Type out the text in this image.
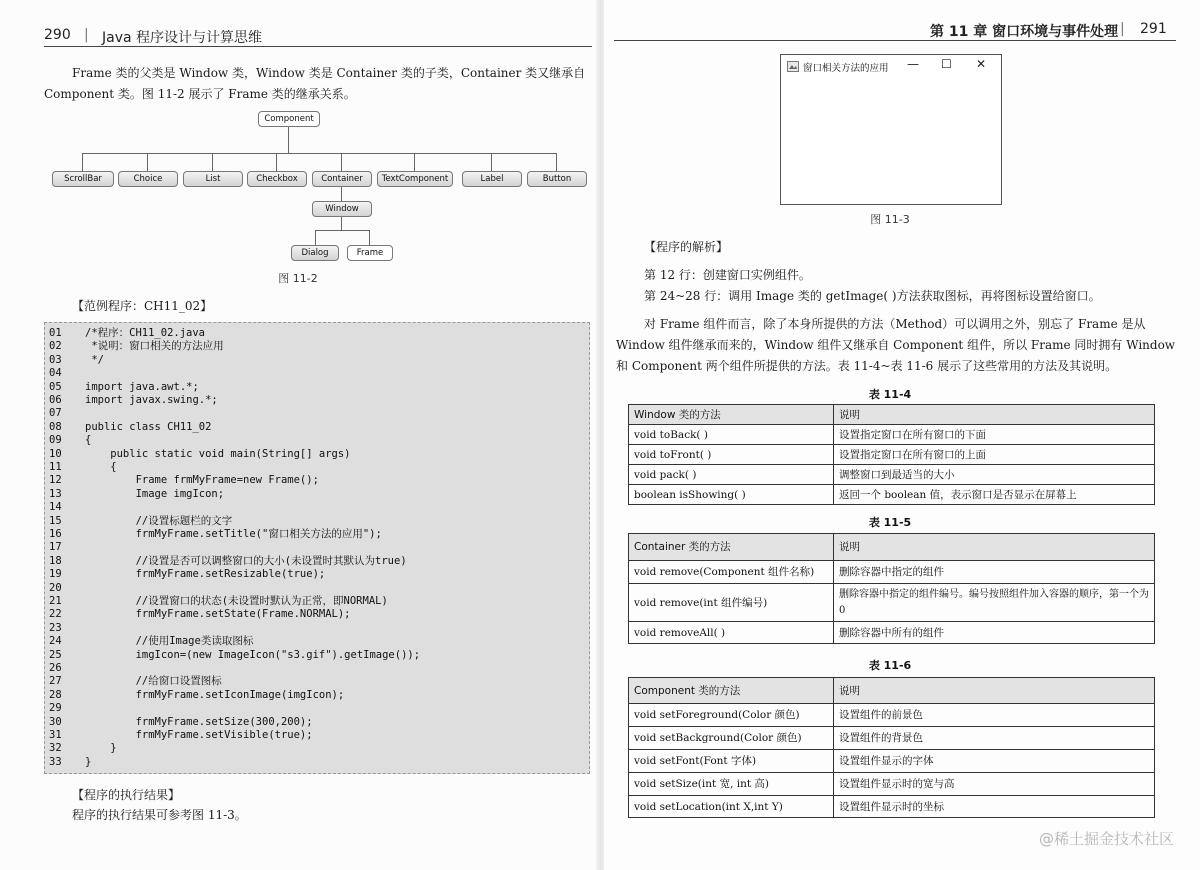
290 | Java 程序设计与计算思维
Frame 类的父类是 Window 类，Window 类是 Container 类的子类，Container 类又继承自
Component 类。图 11-2 展示了 Frame 类的继承关系。
Component
ScrollBar	Choice	List	Checkbox	Container	TextComponent	Label	Button
Window
Dialog	Frame
图 11-2
【范例程序：CH11_02】
01	/*程序：CH11_02.java
02	*说明：窗口相关的方法应用
03	*/
04
05	import java.awt.*;
06	import javax.swing.*;
07
08	public class CH11_02
09	{
10	public static void main(String[] args)
11	{
12	Frame frmMyFrame=new Frame();
13	Image imgIcon;
14
15	//设置标题栏的文字
16	frmMyFrame.setTitle("窗口相关方法的应用");
17
18	//设置是否可以调整窗口的大小(未设置时其默认为true)
19	frmMyFrame.setResizable(true);
20
21	//设置窗口的状态(未设置时默认为正常，即NORMAL)
22	frmMyFrame.setState(Frame.NORMAL);
23
24	//使用Image类读取图标
25	imgIcon=(new ImageIcon("s3.gif").getImage());
26
27	//给窗口设置图标
28	frmMyFrame.setIconImage(imgIcon);
29
30	frmMyFrame.setSize(300,200);
31	frmMyFrame.setVisible(true);
32	}
33	}
【程序的执行结果】
程序的执行结果可参考图 11-3。
第 11 章 窗口环境与事件处理 | 291
窗口相关方法的应用 — ☐ ✕
图 11-3
【程序的解析】
第 12 行：创建窗口实例组件。
第 24~28 行：调用 Image 类的 getImage( )方法获取图标，再将图标设置给窗口。
对 Frame 组件而言，除了本身所提供的方法（Method）可以调用之外，别忘了 Frame 是从
Window 组件继承而来的，Window 组件又继承自 Component 组件，所以 Frame 同时拥有 Window
和 Component 两个组件所提供的方法。表 11-4~表 11-6 展示了这些常用的方法及其说明。
表 11-4
Window 类的方法	说明
void toBack( )	设置指定窗口在所有窗口的下面
void toFront( )	设置指定窗口在所有窗口的上面
void pack( )	调整窗口到最适当的大小
boolean isShowing( )	返回一个 boolean 值，表示窗口是否显示在屏幕上
表 11-5
Container 类的方法	说明
void remove(Component 组件名称)	删除容器中指定的组件
void remove(int 组件编号)	删除容器中指定的组件编号。编号按照组件加入容器的顺序，第一个为 0
void removeAll( )	删除容器中所有的组件
表 11-6
Component 类的方法	说明
void setForeground(Color 颜色)	设置组件的前景色
void setBackground(Color 颜色)	设置组件的背景色
void setFont(Font 字体)	设置组件显示的字体
void setSize(int 宽, int 高)	设置组件显示时的宽与高
void setLocation(int X,int Y)	设置组件显示时的坐标
@稀土掘金技术社区
